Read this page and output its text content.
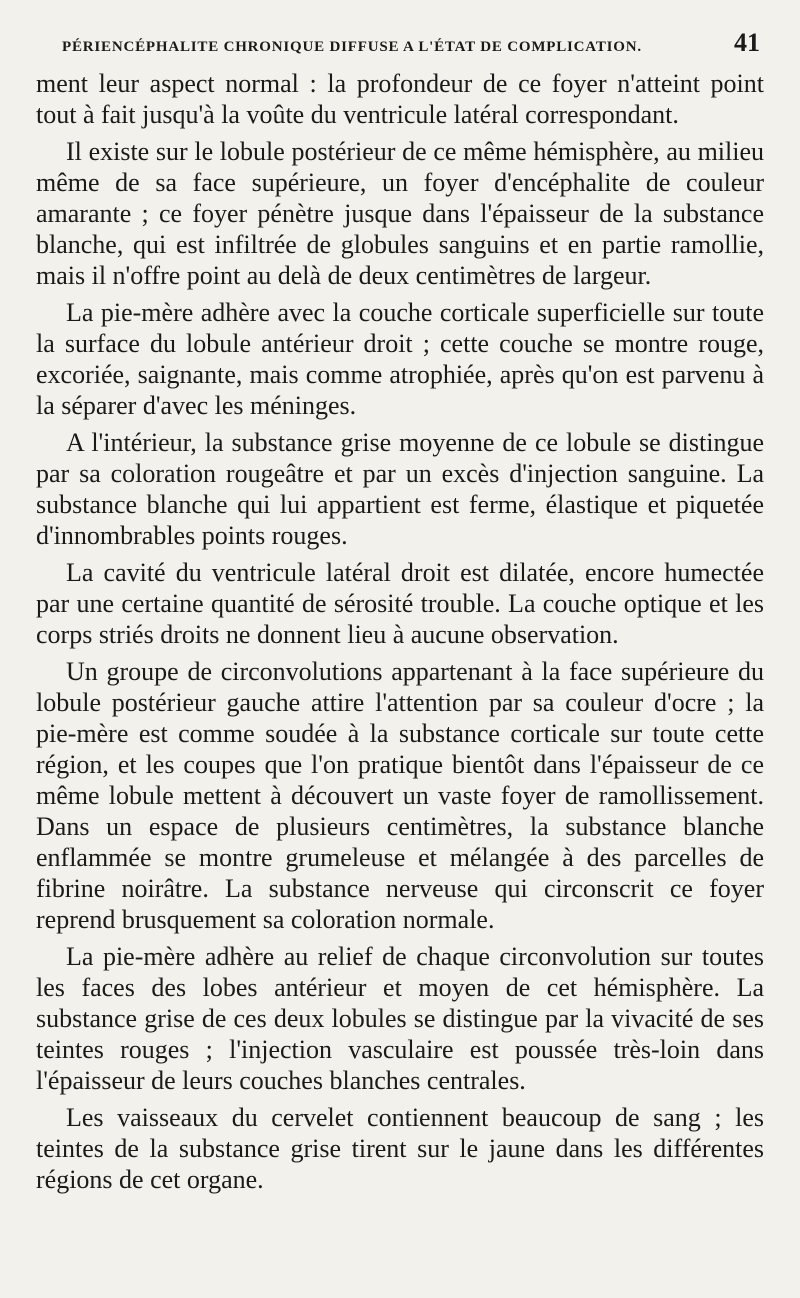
PÉRIENCÉPHALITE CHRONIQUE DIFFUSE A L'ÉTAT DE COMPLICATION.	41

ment leur aspect normal : la profondeur de ce foyer n'atteint point tout à fait jusqu'à la voûte du ventricule latéral correspondant.

Il existe sur le lobule postérieur de ce même hémisphère, au milieu même de sa face supérieure, un foyer d'encéphalite de couleur amarante ; ce foyer pénètre jusque dans l'épaisseur de la substance blanche, qui est infiltrée de globules sanguins et en partie ramollie, mais il n'offre point au delà de deux centimètres de largeur.

La pie-mère adhère avec la couche corticale superficielle sur toute la surface du lobule antérieur droit ; cette couche se montre rouge, excoriée, saignante, mais comme atrophiée, après qu'on est parvenu à la séparer d'avec les méninges.

A l'intérieur, la substance grise moyenne de ce lobule se distingue par sa coloration rougeâtre et par un excès d'injection sanguine. La substance blanche qui lui appartient est ferme, élastique et piquetée d'innombrables points rouges.

La cavité du ventricule latéral droit est dilatée, encore humectée par une certaine quantité de sérosité trouble. La couche optique et les corps striés droits ne donnent lieu à aucune observation.

Un groupe de circonvolutions appartenant à la face supérieure du lobule postérieur gauche attire l'attention par sa couleur d'ocre ; la pie-mère est comme soudée à la substance corticale sur toute cette région, et les coupes que l'on pratique bientôt dans l'épaisseur de ce même lobule mettent à découvert un vaste foyer de ramollissement. Dans un espace de plusieurs centimètres, la substance blanche enflammée se montre grumeleuse et mélangée à des parcelles de fibrine noirâtre. La substance nerveuse qui circonscrit ce foyer reprend brusquement sa coloration normale.

La pie-mère adhère au relief de chaque circonvolution sur toutes les faces des lobes antérieur et moyen de cet hémisphère. La substance grise de ces deux lobules se distingue par la vivacité de ses teintes rouges ; l'injection vasculaire est poussée très-loin dans l'épaisseur de leurs couches blanches centrales.

Les vaisseaux du cervelet contiennent beaucoup de sang ; les teintes de la substance grise tirent sur le jaune dans les différentes régions de cet organe.
